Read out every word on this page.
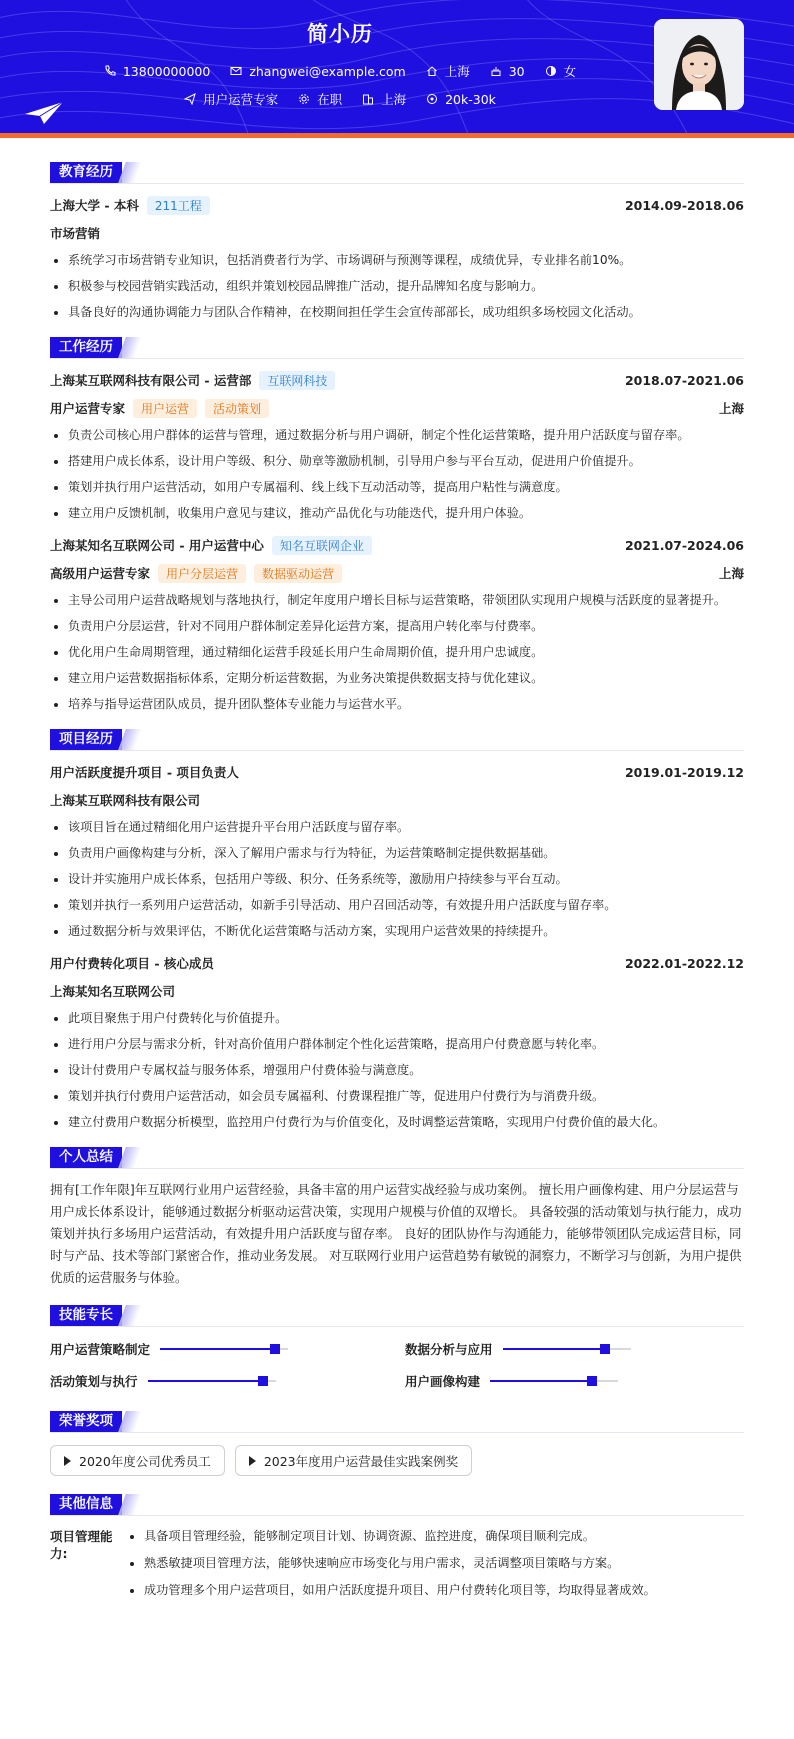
简小历
13800000000	zhangwei@example.com	上海	30	女
用户运营专家	在职	上海	20k-30k
教育经历
上海大学 - 本科	211工程	2014.09-2018.06
市场营销
系统学习市场营销专业知识，包括消费者行为学、市场调研与预测等课程，成绩优异，专业排名前10%。
积极参与校园营销实践活动，组织并策划校园品牌推广活动，提升品牌知名度与影响力。
具备良好的沟通协调能力与团队合作精神，在校期间担任学生会宣传部部长，成功组织多场校园文化活动。
工作经历
上海某互联网科技有限公司 - 运营部	互联网科技	2018.07-2021.06
用户运营专家	用户运营	活动策划	上海
负责公司核心用户群体的运营与管理，通过数据分析与用户调研，制定个性化运营策略，提升用户活跃度与留存率。
搭建用户成长体系，设计用户等级、积分、勋章等激励机制，引导用户参与平台互动，促进用户价值提升。
策划并执行用户运营活动，如用户专属福利、线上线下互动活动等，提高用户粘性与满意度。
建立用户反馈机制，收集用户意见与建议，推动产品优化与功能迭代，提升用户体验。
上海某知名互联网公司 - 用户运营中心	知名互联网企业	2021.07-2024.06
高级用户运营专家	用户分层运营	数据驱动运营	上海
主导公司用户运营战略规划与落地执行，制定年度用户增长目标与运营策略，带领团队实现用户规模与活跃度的显著提升。
负责用户分层运营，针对不同用户群体制定差异化运营方案，提高用户转化率与付费率。
优化用户生命周期管理，通过精细化运营手段延长用户生命周期价值，提升用户忠诚度。
建立用户运营数据指标体系，定期分析运营数据，为业务决策提供数据支持与优化建议。
培养与指导运营团队成员，提升团队整体专业能力与运营水平。
项目经历
用户活跃度提升项目 - 项目负责人	2019.01-2019.12
上海某互联网科技有限公司
该项目旨在通过精细化用户运营提升平台用户活跃度与留存率。
负责用户画像构建与分析，深入了解用户需求与行为特征，为运营策略制定提供数据基础。
设计并实施用户成长体系，包括用户等级、积分、任务系统等，激励用户持续参与平台互动。
策划并执行一系列用户运营活动，如新手引导活动、用户召回活动等，有效提升用户活跃度与留存率。
通过数据分析与效果评估，不断优化运营策略与活动方案，实现用户运营效果的持续提升。
用户付费转化项目 - 核心成员	2022.01-2022.12
上海某知名互联网公司
此项目聚焦于用户付费转化与价值提升。
进行用户分层与需求分析，针对高价值用户群体制定个性化运营策略，提高用户付费意愿与转化率。
设计付费用户专属权益与服务体系，增强用户付费体验与满意度。
策划并执行付费用户运营活动，如会员专属福利、付费课程推广等，促进用户付费行为与消费升级。
建立付费用户数据分析模型，监控用户付费行为与价值变化，及时调整运营策略，实现用户付费价值的最大化。
个人总结
拥有[工作年限]年互联网行业用户运营经验，具备丰富的用户运营实战经验与成功案例。 擅长用户画像构建、用户分层运营与用户成长体系设计，能够通过数据分析驱动运营决策，实现用户规模与价值的双增长。 具备较强的活动策划与执行能力，成功策划并执行多场用户运营活动，有效提升用户活跃度与留存率。 良好的团队协作与沟通能力，能够带领团队完成运营目标，同时与产品、技术等部门紧密合作，推动业务发展。 对互联网行业用户运营趋势有敏锐的洞察力，不断学习与创新，为用户提供优质的运营服务与体验。
技能专长
用户运营策略制定	数据分析与应用
活动策划与执行	用户画像构建
荣誉奖项
2020年度公司优秀员工	2023年度用户运营最佳实践案例奖
其他信息
项目管理能力:
具备项目管理经验，能够制定项目计划、协调资源、监控进度，确保项目顺利完成。
熟悉敏捷项目管理方法，能够快速响应市场变化与用户需求，灵活调整项目策略与方案。
成功管理多个用户运营项目，如用户活跃度提升项目、用户付费转化项目等，均取得显著成效。
